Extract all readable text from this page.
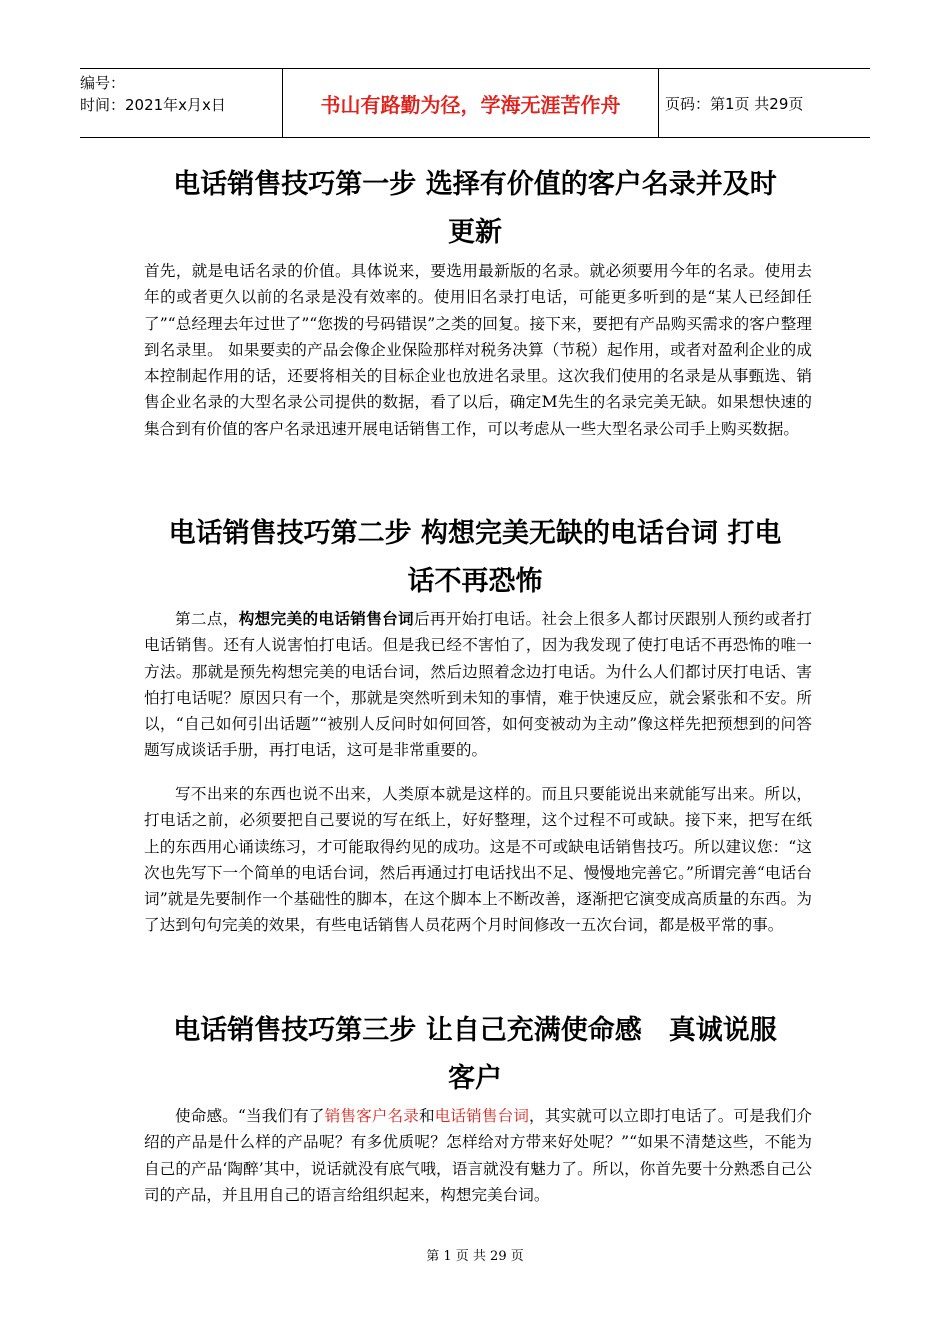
编号：
时间：2021年x月x日	书山有路勤为径，学海无涯苦作舟	页码：第1页 共29页
电话销售技巧第一步 选择有价值的客户名录并及时
更新
首先，就是电话名录的价值。具体说来，要选用最新版的名录。就必须要用今年的名录。使用去年的或者更久以前的名录是没有效率的。使用旧名录打电话，可能更多听到的是“某人已经卸任了”“总经理去年过世了”“您拨的号码错误”之类的回复。接下来，要把有产品购买需求的客户整理到名录里。 如果要卖的产品会像企业保险那样对税务决算（节税）起作用，或者对盈利企业的成本控制起作用的话，还要将相关的目标企业也放进名录里。这次我们使用的名录是从事甄选、销售企业名录的大型名录公司提供的数据，看了以后，确定M先生的名录完美无缺。如果想快速的集合到有价值的客户名录迅速开展电话销售工作，可以考虑从一些大型名录公司手上购买数据。
电话销售技巧第二步 构想完美无缺的电话台词 打电
话不再恐怖
第二点，构想完美的电话销售台词后再开始打电话。社会上很多人都讨厌跟别人预约或者打电话销售。还有人说害怕打电话。但是我已经不害怕了，因为我发现了使打电话不再恐怖的唯一方法。那就是预先构想完美的电话台词，然后边照着念边打电话。为什么人们都讨厌打电话、害怕打电话呢？原因只有一个，那就是突然听到未知的事情，难于快速反应，就会紧张和不安。所以，“自己如何引出话题”“被别人反问时如何回答，如何变被动为主动”像这样先把预想到的问答题写成谈话手册，再打电话，这可是非常重要的。
写不出来的东西也说不出来，人类原本就是这样的。而且只要能说出来就能写出来。所以，打电话之前，必须要把自己要说的写在纸上，好好整理，这个过程不可或缺。接下来，把写在纸上的东西用心诵读练习，才可能取得约见的成功。这是不可或缺电话销售技巧。所以建议您：“这次也先写下一个简单的电话台词，然后再通过打电话找出不足、慢慢地完善它。”所谓完善“电话台词”就是先要制作一个基础性的脚本，在这个脚本上不断改善，逐渐把它演变成高质量的东西。为了达到句句完美的效果，有些电话销售人员花两个月时间修改一五次台词，都是极平常的事。
电话销售技巧第三步 让自己充满使命感　真诚说服
客户
使命感。“当我们有了销售客户名录和电话销售台词，其实就可以立即打电话了。可是我们介绍的产品是什么样的产品呢？有多优质呢？怎样给对方带来好处呢？”“如果不清楚这些，不能为自己的产品‘陶醉’其中，说话就没有底气哦，语言就没有魅力了。所以，你首先要十分熟悉自己公司的产品，并且用自己的语言给组织起来，构想完美台词。
第 1 页 共 29 页
